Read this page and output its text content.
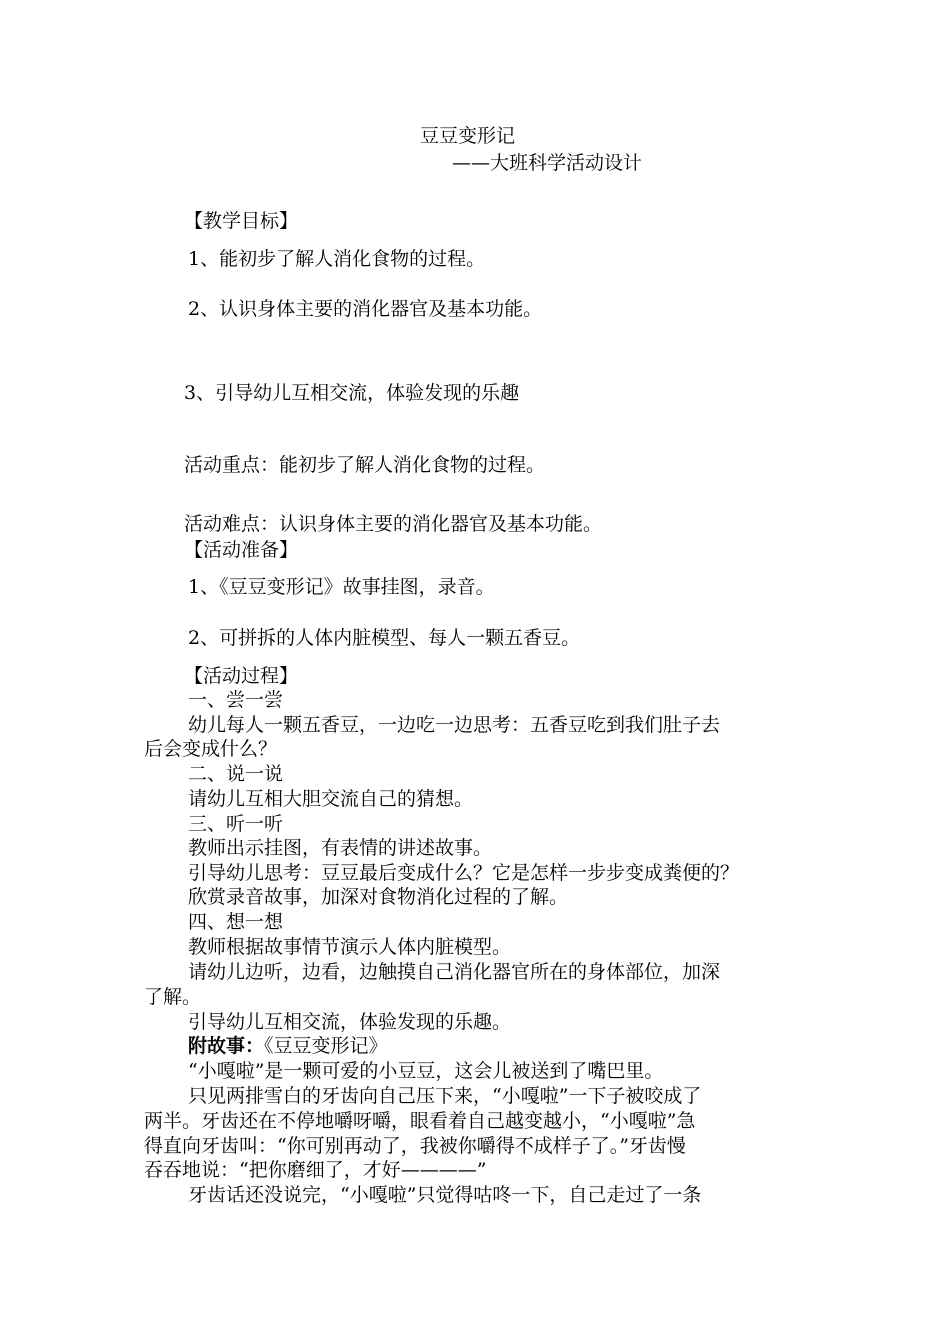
豆豆变形记
——大班科学活动设计
【教学目标】
1、能初步了解人消化食物的过程。
2、认识身体主要的消化器官及基本功能。
3、引导幼儿互相交流，体验发现的乐趣
活动重点：能初步了解人消化食物的过程。
活动难点：认识身体主要的消化器官及基本功能。
【活动准备】
1、《豆豆变形记》故事挂图，录音。
2、可拼拆的人体内脏模型、每人一颗五香豆。
【活动过程】
一、尝一尝
幼儿每人一颗五香豆，一边吃一边思考：五香豆吃到我们肚子去
后会变成什么？
二、说一说
请幼儿互相大胆交流自己的猜想。
三、听一听
教师出示挂图，有表情的讲述故事。
引导幼儿思考：豆豆最后变成什么？它是怎样一步步变成粪便的？
欣赏录音故事，加深对食物消化过程的了解。
四、想一想
教师根据故事情节演示人体内脏模型。
请幼儿边听，边看，边触摸自己消化器官所在的身体部位，加深
了解。
引导幼儿互相交流，体验发现的乐趣。
附故事：《豆豆变形记》
“小嘎啦”是一颗可爱的小豆豆，这会儿被送到了嘴巴里。
只见两排雪白的牙齿向自己压下来，“小嘎啦”一下子被咬成了
两半。牙齿还在不停地嚼呀嚼，眼看着自己越变越小，“小嘎啦”急
得直向牙齿叫：“你可别再动了，我被你嚼得不成样子了。”牙齿慢
吞吞地说：“把你磨细了，才好————”
牙齿话还没说完，“小嘎啦”只觉得咕咚一下，自己走过了一条
